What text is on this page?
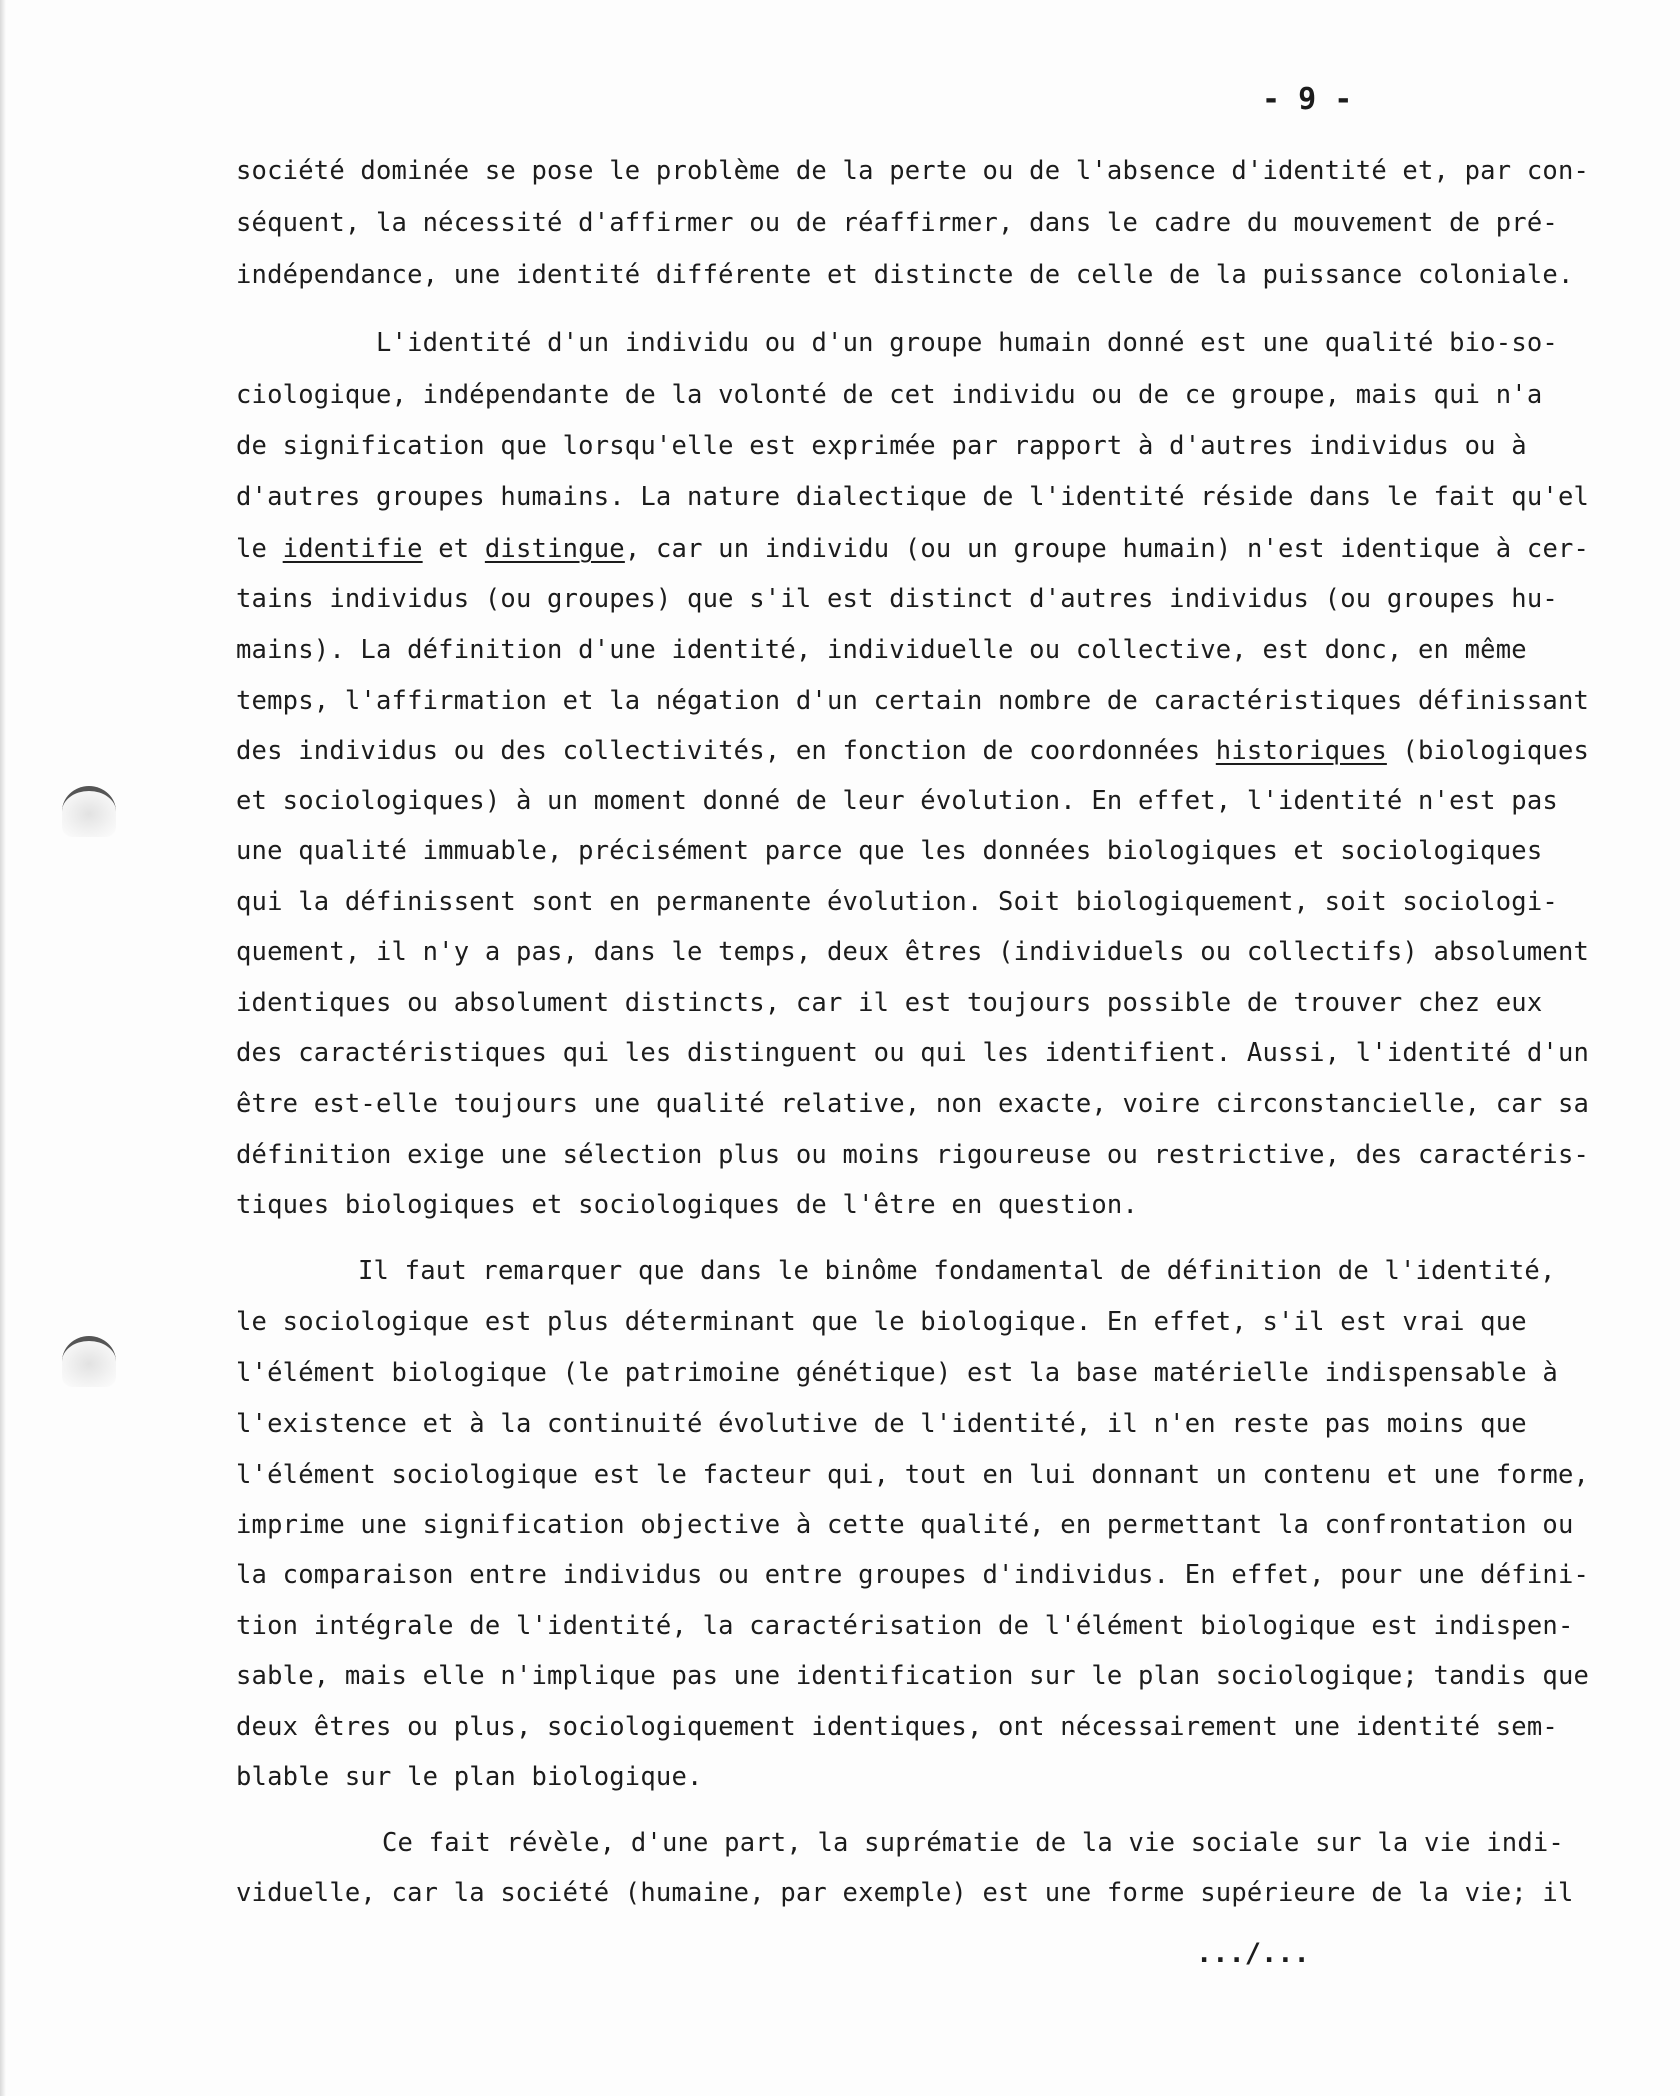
- 9 -
société dominée se pose le problème de la perte ou de l'absence d'identité et, par con-
séquent, la nécessité d'affirmer ou de réaffirmer, dans le cadre du mouvement de pré-
indépendance, une identité différente et distincte de celle de la puissance coloniale.
L'identité d'un individu ou d'un groupe humain donné est une qualité bio-so-
ciologique, indépendante de la volonté de cet individu ou de ce groupe, mais qui n'a
de signification que lorsqu'elle est exprimée par rapport à d'autres individus ou à
d'autres groupes humains. La nature dialectique de l'identité réside dans le fait qu'el
le identifie et distingue, car un individu (ou un groupe humain) n'est identique à cer-
tains individus (ou groupes) que s'il est distinct d'autres individus (ou groupes hu-
mains). La définition d'une identité, individuelle ou collective, est donc, en même
temps, l'affirmation et la négation d'un certain nombre de caractéristiques définissant
des individus ou des collectivités, en fonction de coordonnées historiques (biologiques
et sociologiques) à un moment donné de leur évolution. En effet, l'identité n'est pas
une qualité immuable, précisément parce que les données biologiques et sociologiques
qui la définissent sont en permanente évolution. Soit biologiquement, soit sociologi-
quement, il n'y a pas, dans le temps, deux êtres (individuels ou collectifs) absolument
identiques ou absolument distincts, car il est toujours possible de trouver chez eux
des caractéristiques qui les distinguent ou qui les identifient. Aussi, l'identité d'un
être est-elle toujours une qualité relative, non exacte, voire circonstancielle, car sa
définition exige une sélection plus ou moins rigoureuse ou restrictive, des caractéris-
tiques biologiques et sociologiques de l'être en question.
Il faut remarquer que dans le binôme fondamental de définition de l'identité,
le sociologique est plus déterminant que le biologique. En effet, s'il est vrai que
l'élément biologique (le patrimoine génétique) est la base matérielle indispensable à
l'existence et à la continuité évolutive de l'identité, il n'en reste pas moins que
l'élément sociologique est le facteur qui, tout en lui donnant un contenu et une forme,
imprime une signification objective à cette qualité, en permettant la confrontation ou
la comparaison entre individus ou entre groupes d'individus. En effet, pour une défini-
tion intégrale de l'identité, la caractérisation de l'élément biologique est indispen-
sable, mais elle n'implique pas une identification sur le plan sociologique; tandis que
deux êtres ou plus, sociologiquement identiques, ont nécessairement une identité sem-
blable sur le plan biologique.
Ce fait révèle, d'une part, la suprématie de la vie sociale sur la vie indi-
viduelle, car la société (humaine, par exemple) est une forme supérieure de la vie; il
.../...
